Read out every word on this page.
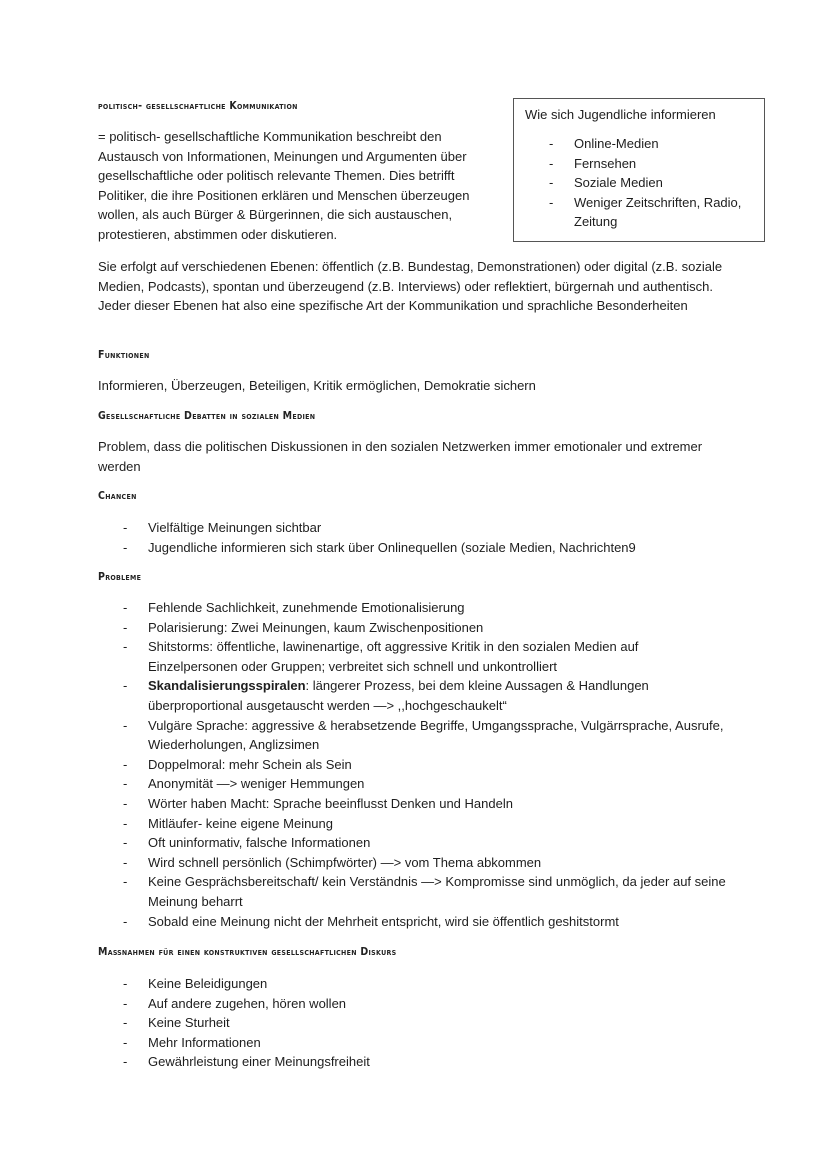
politisch- gesellschaftliche Kommunikation
= politisch- gesellschaftliche Kommunikation beschreibt den Austausch von Informationen, Meinungen und Argumenten über gesellschaftliche oder politisch relevante Themen. Dies betrifft Politiker, die ihre Positionen erklären und Menschen überzeugen wollen, als auch Bürger & Bürgerinnen, die sich austauschen, protestieren, abstimmen oder diskutieren.
Wie sich Jugendliche informieren
- Online-Medien
- Fernsehen
- Soziale Medien
- Weniger Zeitschriften, Radio, Zeitung
Sie erfolgt auf verschiedenen Ebenen: öffentlich (z.B. Bundestag, Demonstrationen) oder digital (z.B. soziale Medien, Podcasts), spontan und überzeugend (z.B. Interviews) oder reflektiert, bürgernah und authentisch. Jeder dieser Ebenen hat also eine spezifische Art der Kommunikation und sprachliche Besonderheiten
Funktionen
Informieren, Überzeugen, Beteiligen, Kritik ermöglichen, Demokratie sichern
Gesellschaftliche Debatten in sozialen Medien
Problem, dass die politischen Diskussionen in den sozialen Netzwerken immer emotionaler und extremer werden
Chancen
- Vielfältige Meinungen sichtbar
- Jugendliche informieren sich stark über Onlinequellen (soziale Medien, Nachrichten9
Probleme
- Fehlende Sachlichkeit, zunehmende Emotionalisierung
- Polarisierung: Zwei Meinungen, kaum Zwischenpositionen
- Shitstorms: öffentliche, lawinenartige, oft aggressive Kritik in den sozialen Medien auf Einzelpersonen oder Gruppen; verbreitet sich schnell und unkontrolliert
- Skandalisierungsspiralen: längerer Prozess, bei dem kleine Aussagen & Handlungen überproportional ausgetauscht werden —> ,,hochgeschaukelt“
- Vulgäre Sprache: aggressive & herabsetzende Begriffe, Umgangssprache, Vulgärrsprache, Ausrufe, Wiederholungen, Anglizsimen
- Doppelmoral: mehr Schein als Sein
- Anonymität —> weniger Hemmungen
- Wörter haben Macht: Sprache beeinflusst Denken und Handeln
- Mitläufer- keine eigene Meinung
- Oft uninformativ, falsche Informationen
- Wird schnell persönlich (Schimpfwörter) —> vom Thema abkommen
- Keine Gesprächsbereitschaft/ kein Verständnis —> Kompromisse sind unmöglich, da jeder auf seine Meinung beharrt
- Sobald eine Meinung nicht der Mehrheit entspricht, wird sie öffentlich geshitstormt
Maßnahmen für einen konstruktiven gesellschaftlichen Diskurs
- Keine Beleidigungen
- Auf andere zugehen, hören wollen
- Keine Sturheit
- Mehr Informationen
- Gewährleistung einer Meinungsfreiheit
